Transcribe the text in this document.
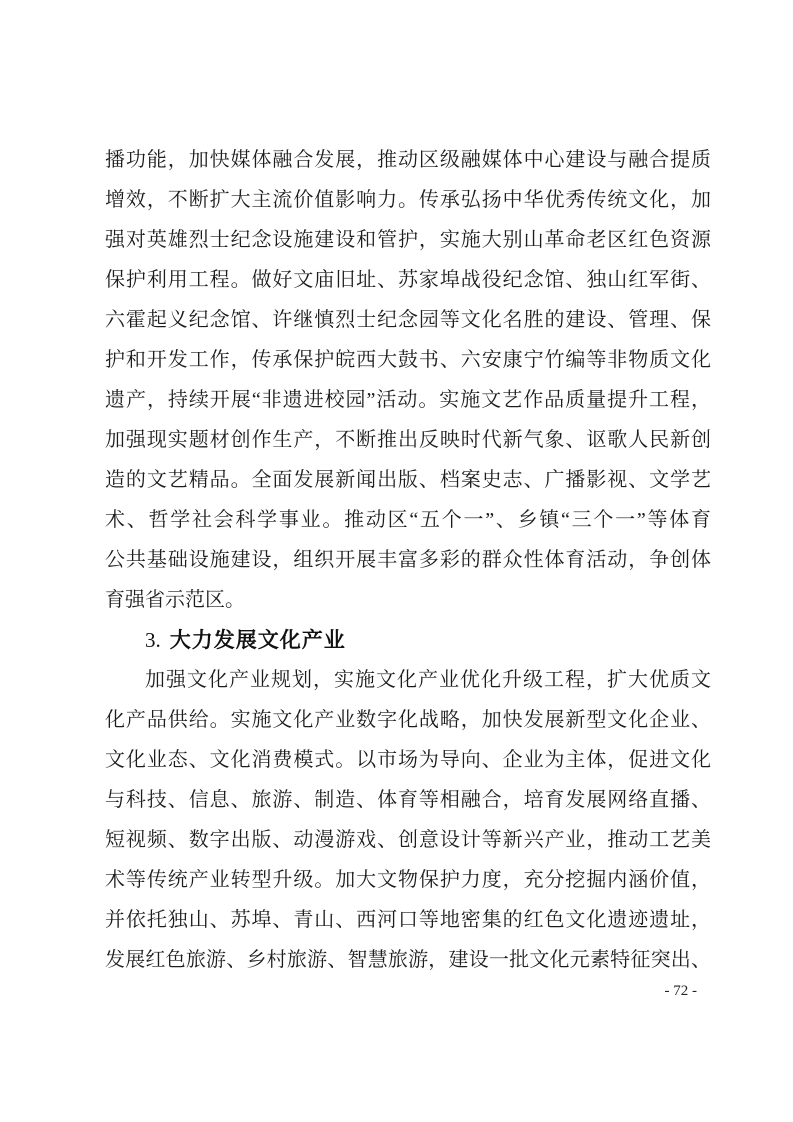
播功能，加快媒体融合发展，推动区级融媒体中心建设与融合提质
增效，不断扩大主流价值影响力。传承弘扬中华优秀传统文化，加
强对英雄烈士纪念设施建设和管护，实施大别山革命老区红色资源
保护利用工程。做好文庙旧址、苏家埠战役纪念馆、独山红军街、
六霍起义纪念馆、许继慎烈士纪念园等文化名胜的建设、管理、保
护和开发工作，传承保护皖西大鼓书、六安康宁竹编等非物质文化
遗产，持续开展“非遗进校园”活动。实施文艺作品质量提升工程，
加强现实题材创作生产，不断推出反映时代新气象、讴歌人民新创
造的文艺精品。全面发展新闻出版、档案史志、广播影视、文学艺
术、哲学社会科学事业。推动区“五个一”、乡镇“三个一”等体育
公共基础设施建设，组织开展丰富多彩的群众性体育活动，争创体
育强省示范区。
3. 大力发展文化产业
加强文化产业规划，实施文化产业优化升级工程，扩大优质文
化产品供给。实施文化产业数字化战略，加快发展新型文化企业、
文化业态、文化消费模式。以市场为导向、企业为主体，促进文化
与科技、信息、旅游、制造、体育等相融合，培育发展网络直播、
短视频、数字出版、动漫游戏、创意设计等新兴产业，推动工艺美
术等传统产业转型升级。加大文物保护力度，充分挖掘内涵价值，
并依托独山、苏埠、青山、西河口等地密集的红色文化遗迹遗址，
发展红色旅游、乡村旅游、智慧旅游，建设一批文化元素特征突出、
- 72 -
